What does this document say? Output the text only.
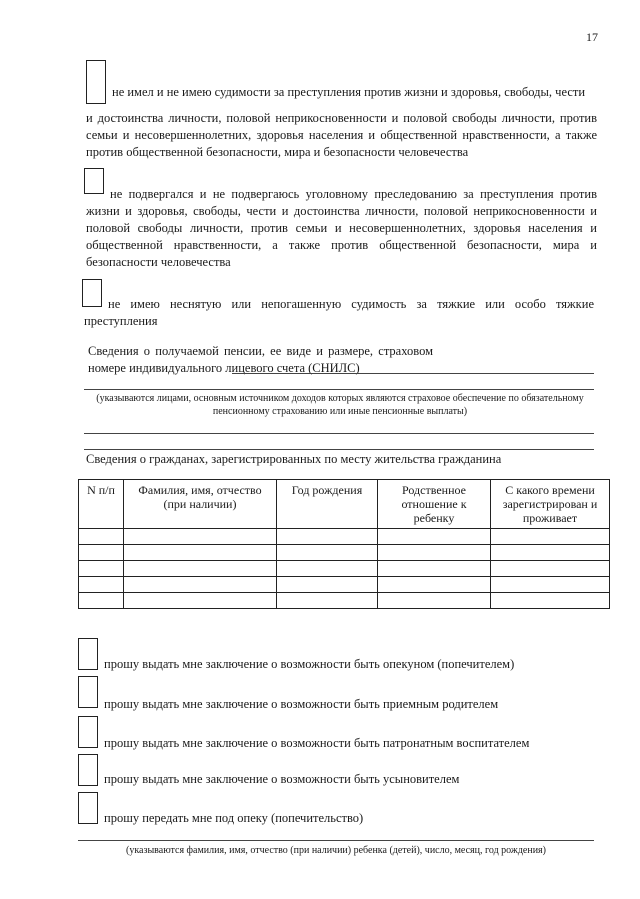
17
не имел и не имею судимости за преступления против жизни и здоровья, свободы, чести
и достоинства личности, половой неприкосновенности и половой свободы личности, против семьи и несовершеннолетних, здоровья населения и общественной нравственности, а также против общественной безопасности, мира и безопасности человечества
не подвергался и не подвергаюсь уголовному преследованию за преступления против жизни и здоровья, свободы, чести и достоинства личности, половой неприкосновенности и половой свободы личности, против семьи и несовершеннолетних, здоровья населения и общественной нравственности, а также против общественной безопасности, мира и безопасности человечества
не имею неснятую или непогашенную судимость за тяжкие или особо тяжкие преступления
Сведения о получаемой пенсии, ее виде и размере, страховом номере индивидуального лицевого счета (СНИЛС)
(указываются лицами, основным источником доходов которых являются страховое обеспечение по обязательному пенсионному страхованию или иные пенсионные выплаты)
Сведения о гражданах, зарегистрированных по месту жительства гражданина
N п/п	Фамилия, имя, отчество (при наличии)	Год рождения	Родственное отношение к ребенку	С какого времени зарегистрирован и проживает

прошу выдать мне заключение о возможности быть опекуном (попечителем)
прошу выдать мне заключение о возможности быть приемным родителем
прошу выдать мне заключение о возможности быть патронатным воспитателем
прошу выдать мне заключение о возможности быть усыновителем
прошу передать мне под опеку (попечительство)
(указываются фамилия, имя, отчество (при наличии) ребенка (детей), число, месяц, год рождения)
